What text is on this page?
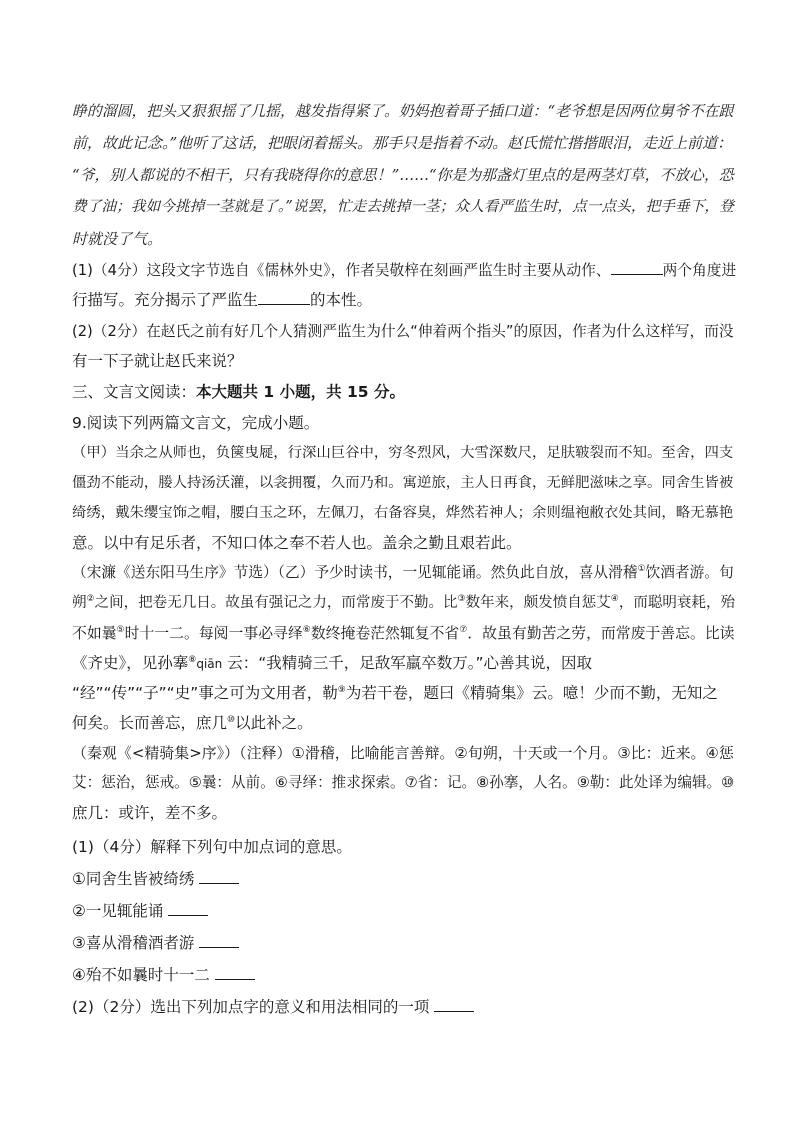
睁的溜圆，把头又狠狠摇了几摇，越发指得紧了。奶妈抱着哥子插口道：“老爷想是因两位舅爷不在跟
前，故此记念。”他听了这话，把眼闭着摇头。那手只是指着不动。赵氏慌忙揩揩眼泪，走近上前道：
“爷，别人都说的不相干，只有我晓得你的意思！”……“你是为那盏灯里点的是两茎灯草，不放心，恐
费了油；我如今挑掉一茎就是了。”说罢，忙走去挑掉一茎；众人看严监生时，点一点头，把手垂下，登
时就没了气。
(1)（4分）这段文字节选自《儒林外史》，作者吴敬梓在刻画严监生时主要从动作、	两个角度进
行描写。充分揭示了严监生	的本性。
(2)（2分）在赵氏之前有好几个人猜测严监生为什么“伸着两个指头”的原因，作者为什么这样写，而没
有一下子就让赵氏来说？
三、文言文阅读：本大题共 1 小题，共 15 分。
9.阅读下列两篇文言文，完成小题。
（甲）当余之从师也，负箧曳屣，行深山巨谷中，穷冬烈风，大雪深数尺，足肤皲裂而不知。至舍，四支
僵劲不能动，媵人持汤沃灌，以衾拥覆，久而乃和。寓逆旅，主人日再食，无鲜肥滋味之享。同舍生皆被
绮绣，戴朱缨宝饰之帽，腰白玉之环，左佩刀，右备容臭，烨然若神人；余则缊袍敝衣处其间，略无慕艳
意。以中有足乐者，不知口体之奉不若人也。盖余之勤且艰若此。
（宋濂《送东阳马生序》节选）（乙）予少时读书，一见辄能诵。然负此自放，喜从滑稽①饮酒者游。旬
朔②之间，把卷无几日。故虽有强记之力，而常废于不勤。比③数年来，颇发愤自惩艾④，而聪明衰耗，殆
不如曩⑤时十一二。每阅一事必寻绎⑥数终掩卷茫然辄复不省⑦．故虽有勤苦之劳，而常废于善忘。比读
《齐史》，见孙搴⑧qiān 云：“我精骑三千，足敌军羸卒数万。”心善其说，因取
“经”“传”“子”“史”事之可为文用者，勒⑨为若干卷，题曰《精骑集》云。噫！少而不勤，无知之
何矣。长而善忘，庶几⑩以此补之。
（秦观《<精骑集>序》）（注释）①滑稽，比喻能言善辩。②旬朔，十天或一个月。③比：近来。④惩
艾：惩治，惩戒。⑤曩：从前。⑥寻绎：推求探索。⑦省：记。⑧孙搴，人名。⑨勒：此处译为编辑。⑩
庶几：或许，差不多。
(1)（4分）解释下列句中加点词的意思。
①同舍生皆被绮绣
②一见辄能诵
③喜从滑稽酒者游
④殆不如曩时十一二
(2)（2分）选出下列加点字的意义和用法相同的一项
